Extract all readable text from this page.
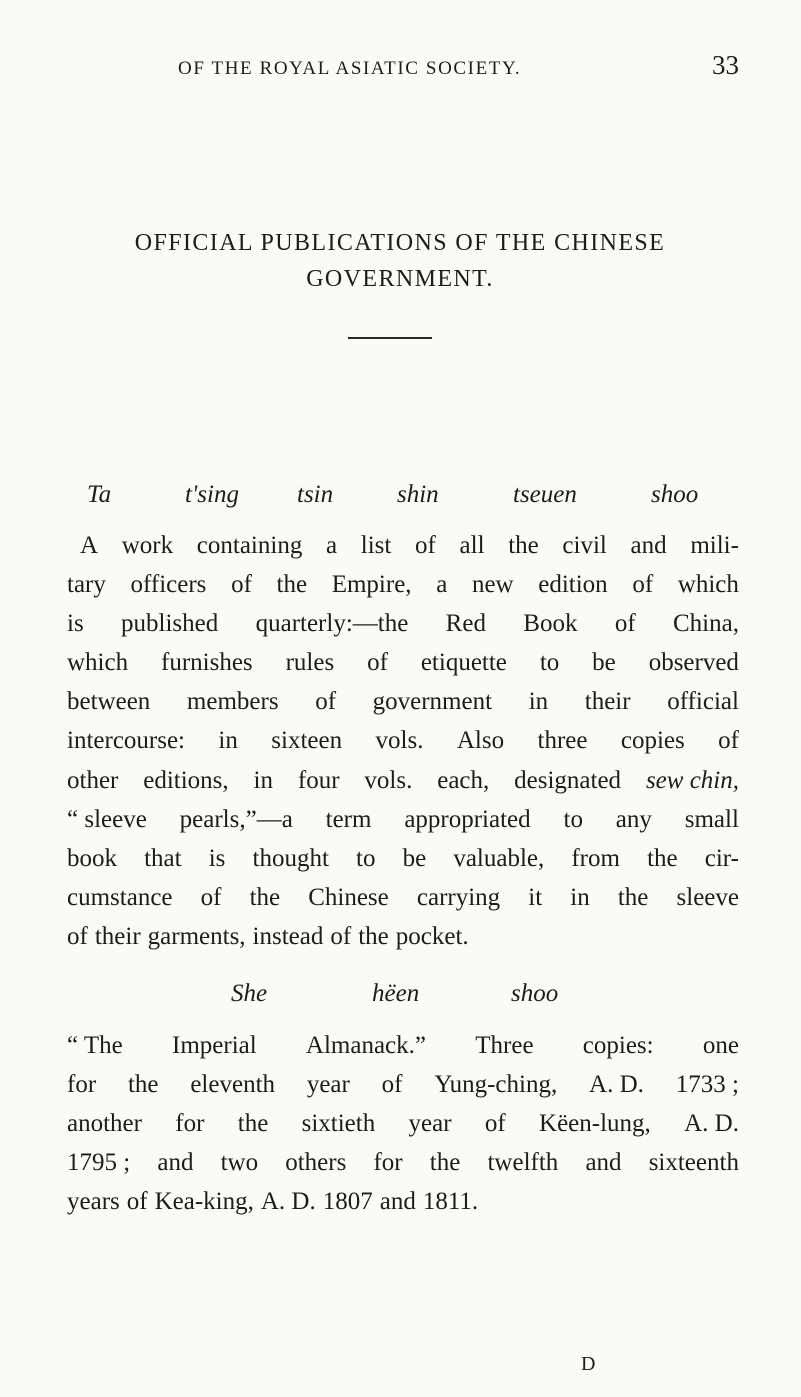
OF THE ROYAL ASIATIC SOCIETY.	33
OFFICIAL PUBLICATIONS OF THE CHINESE
GOVERNMENT.
Ta	t'sing tsin	shin	tseuen	shoo
A work containing a list of all the civil and mili-
tary officers of the Empire, a new edition of which
is published quarterly:—the Red Book of China,
which furnishes rules of etiquette to be observed
between members of government in their official
intercourse: in sixteen vols. Also three copies of
other editions, in four vols. each, designated sew chin,
“ sleeve pearls,”—a term appropriated to any small
book that is thought to be valuable, from the cir-
cumstance of the Chinese carrying it in the sleeve
of their garments, instead of the pocket.
She	hëen	shoo
“ The Imperial Almanack.” Three copies: one
for the eleventh year of Yung-ching, A. D. 1733 ;
another for the sixtieth year of Këen-lung, A. D.
1795 ; and two others for the twelfth and sixteenth
years of Kea-king, A. D. 1807 and 1811.
D
